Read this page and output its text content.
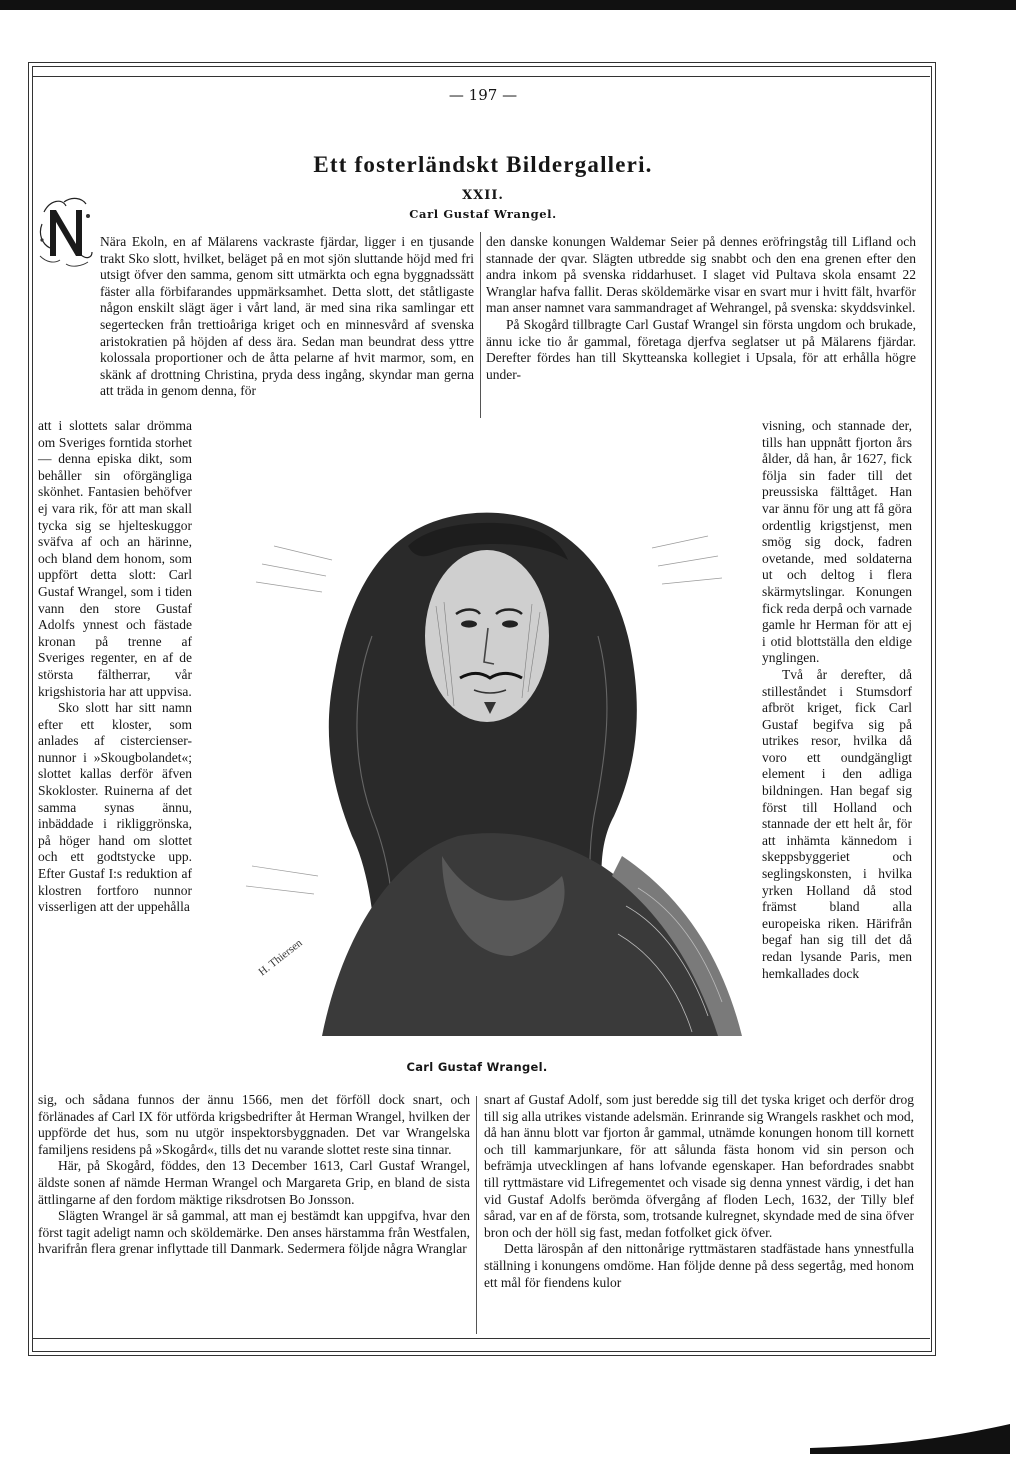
— 197 —
Ett fosterländskt Bildergalleri.
XXII.
Carl Gustaf Wrangel.

Nära Ekoln, en af Mälarens vackraste fjärdar, ligger i en tjusande trakt Sko slott, hvilket, beläget på en mot sjön sluttande höjd med fri utsigt öfver den samma, genom sitt utmärkta och egna byggnadssätt fäster alla förbifarandes uppmärksamhet. Detta slott, det ståtligaste någon enskilt slägt äger i vårt land, är med sina rika samlingar ett segertecken från trettioåriga kriget och en minnesvård af svenska aristokratien på höjden af dess ära. Sedan man beundrat dess yttre kolossala proportioner och de åtta pelarne af hvit marmor, som, en skänk af drottning Christina, pryda dess ingång, skyndar man gerna att träda in genom denna, för

den danske konungen Waldemar Seier på dennes eröfringståg till Lifland och stannade der qvar. Slägten utbredde sig snabbt och den ena grenen efter den andra inkom på svenska riddarhuset. I slaget vid Pultava skola ensamt 22 Wranglar hafva fallit. Deras sköldemärke visar en svart mur i hvitt fält, hvarför man anser namnet vara sammandraget af Wehrangel, på svenska: skyddsvinkel.

På Skogård tillbragte Carl Gustaf Wrangel sin första ungdom och brukade, ännu icke tio år gammal, företaga djerfva seglatser ut på Mälarens fjärdar. Derefter fördes han till Skytteanska kollegiet i Upsala, för att erhålla högre under-

att i slottets salar drömma om Sveriges forntida storhet — denna episka dikt, som behåller sin oförgängliga skönhet. Fantasien behöfver ej vara rik, för att man skall tycka sig se hjelteskuggor sväfva af och an härinne, och bland dem honom, som uppfört detta slott: Carl Gustaf Wrangel, som i tiden vann den store Gustaf Adolfs ynnest och fästade kronan på trenne af Sveriges regenter, en af de största fältherrar, vår krigshistoria har att uppvisa.

Sko slott har sitt namn efter ett kloster, som anlades af cistercienser-nunnor i »Skougbolandet«; slottet kallas derför äfven Skokloster. Ruinerna af det samma synas ännu, inbäddade i rikliggrönska, på höger hand om slottet och ett godtstycke upp. Efter Gustaf I:s reduktion af klostren fortforo nunnor visserligen att der uppehålla

H. Thiersen
Carl Gustaf Wrangel.

visning, och stannade der, tills han uppnått fjorton års ålder, då han, år 1627, fick följa sin fader till det preussiska fälttåget. Han var ännu för ung att få göra ordentlig krigstjenst, men smög sig dock, fadren ovetande, med soldaterna ut och deltog i flera skärmytslingar. Konungen fick reda derpå och varnade gamle hr Herman för att ej i otid blottställa den eldige ynglingen.

Två år derefter, då stilleståndet i Stumsdorf afbröt kriget, fick Carl Gustaf begifva sig på utrikes resor, hvilka då voro ett oundgängligt element i den adliga bildningen. Han begaf sig först till Holland och stannade der ett helt år, för att inhämta kännedom i skeppsbyggeriet och seglingskonsten, i hvilka yrken Holland då stod främst bland alla europeiska riken. Härifrån begaf han sig till det då redan lysande Paris, men hemkallades dock

sig, och sådana funnos der ännu 1566, men det förföll dock snart, och förlänades af Carl IX för utförda krigsbedrifter åt Herman Wrangel, hvilken der uppförde det hus, som nu utgör inspektorsbyggnaden. Det var Wrangelska familjens residens på »Skogård«, tills det nu varande slottet reste sina tinnar.

Här, på Skogård, föddes, den 13 December 1613, Carl Gustaf Wrangel, äldste sonen af nämde Herman Wrangel och Margareta Grip, en bland de sista ättlingarne af den fordom mäktige riksdrotsen Bo Jonsson.

Slägten Wrangel är så gammal, att man ej bestämdt kan uppgifva, hvar den först tagit adeligt namn och sköldemärke. Den anses härstamma från Westfalen, hvarifrån flera grenar inflyttade till Danmark. Sedermera följde några Wranglar

snart af Gustaf Adolf, som just beredde sig till det tyska kriget och derför drog till sig alla utrikes vistande adelsmän. Erinrande sig Wrangels raskhet och mod, då han ännu blott var fjorton år gammal, utnämde konungen honom till kornett och till kammarjunkare, för att sålunda fästa honom vid sin person och befrämja utvecklingen af hans lofvande egenskaper. Han befordrades snabbt till ryttmästare vid Lifregementet och visade sig denna ynnest värdig, i det han vid Gustaf Adolfs berömda öfvergång af floden Lech, 1632, der Tilly blef sårad, var en af de första, som, trotsande kulregnet, skyndade med de sina öfver bron och der höll sig fast, medan fotfolket gick öfver.

Detta lärospån af den nittonårige ryttmästaren stadfästade hans ynnestfulla ställning i konungens omdöme. Han följde denne på dess segertåg, med honom ett mål för fiendens kulor
